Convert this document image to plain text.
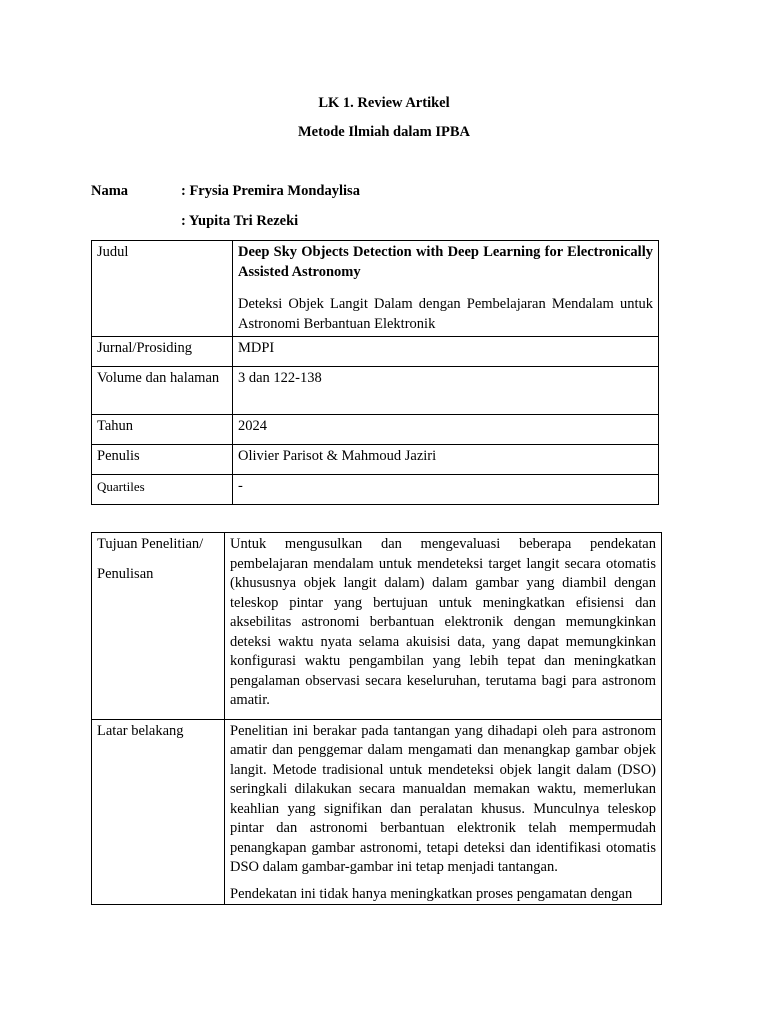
LK 1. Review Artikel
Metode Ilmiah dalam IPBA
Nama	: Frysia Premira Mondaylisa
: Yupita Tri Rezeki
Judul	Deep Sky Objects Detection with Deep Learning for Electronically Assisted Astronomy
Deteksi Objek Langit Dalam dengan Pembelajaran Mendalam untuk Astronomi Berbantuan Elektronik

Jurnal/Prosiding	MDPI

Volume dan halaman	3 dan 122-138
Tahun	2024
Penulis	Olivier Parisot & Mahmoud Jaziri
Quartiles	-
Tujuan Penelitian/
Penulisan	Untuk mengusulkan dan mengevaluasi beberapa pendekatan pembelajaran mendalam untuk mendeteksi target langit secara otomatis (khususnya objek langit dalam) dalam gambar yang diambil dengan teleskop pintar yang bertujuan untuk meningkatkan efisiensi dan aksebilitas astronomi berbantuan elektronik dengan memungkinkan deteksi waktu nyata selama akuisisi data, yang dapat memungkinkan konfigurasi waktu pengambilan yang lebih tepat dan meningkatkan pengalaman observasi secara keseluruhan, terutama bagi para astronom amatir.

Latar belakang	Penelitian ini berakar pada tantangan yang dihadapi oleh para astronom amatir dan penggemar dalam mengamati dan menangkap gambar objek langit. Metode tradisional untuk mendeteksi objek langit dalam (DSO) seringkali dilakukan secara manualdan memakan waktu, memerlukan keahlian yang signifikan dan peralatan khusus. Munculnya teleskop pintar dan astronomi berbantuan elektronik telah mempermudah penangkapan gambar astronomi, tetapi deteksi dan identifikasi otomatis DSO dalam gambar-gambar ini tetap menjadi tantangan.

Pendekatan ini tidak hanya meningkatkan proses pengamatan dengan
